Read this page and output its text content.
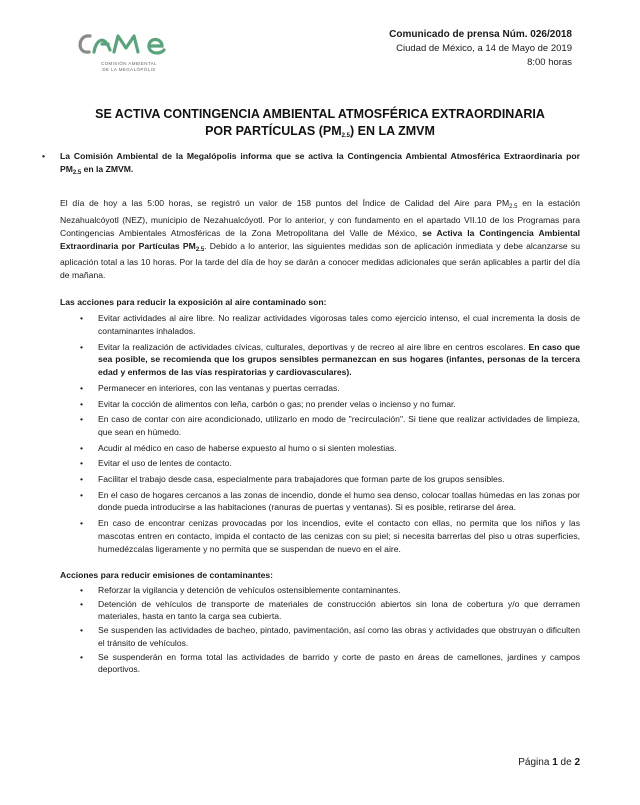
COMISIÓN AMBIENTAL
DE LA MEGALÓPOLIS
Comunicado de prensa Núm. 026/2018
Ciudad de México, a 14 de Mayo de 2019
8:00 horas
SE ACTIVA CONTINGENCIA AMBIENTAL ATMOSFÉRICA EXTRAORDINARIA
POR PARTÍCULAS $(PM_{2.5})$ EN LA ZMVM

• La Comisión Ambiental de la Megalópolis informa que se activa la Contingencia Ambiental Atmosférica Extraordinaria por $PM_{2.5}$ en la ZMVM.

El día de hoy a las 5:00 horas, se registró un valor de 158 puntos del Índice de Calidad del Aire para $PM_{2.5}$ en la estación Nezahualcóyotl (NEZ), municipio de Nezahualcóyotl. Por lo anterior, y con fundamento en el apartado VII.10 de los Programas para Contingencias Ambientales Atmosféricas de la Zona Metropolitana del Valle de México, se Activa la Contingencia Ambiental Extraordinaria por Partículas $PM_{2.5}$. Debido a lo anterior, las siguientes medidas son de aplicación inmediata y debe alcanzarse su aplicación total a las 10 horas. Por la tarde del día de hoy se darán a conocer medidas adicionales que serán aplicables a partir del día de mañana.

Las acciones para reducir la exposición al aire contaminado son:

• Evitar actividades al aire libre. No realizar actividades vigorosas tales como ejercicio intenso, el cual incrementa la dosis de contaminantes inhalados.
• Evitar la realización de actividades cívicas, culturales, deportivas y de recreo al aire libre en centros escolares. En caso que sea posible, se recomienda que los grupos sensibles permanezcan en sus hogares (infantes, personas de la tercera edad y enfermos de las vías respiratorias y cardiovasculares).
• Permanecer en interiores, con las ventanas y puertas cerradas.
• Evitar la cocción de alimentos con leña, carbón o gas; no prender velas o incienso y no fumar.
• En caso de contar con aire acondicionado, utilizarlo en modo de "recirculación". Si tiene que realizar actividades de limpieza, que sean en húmedo.
• Acudir al médico en caso de haberse expuesto al humo o si sienten molestias.
• Evitar el uso de lentes de contacto.
• Facilitar el trabajo desde casa, especialmente para trabajadores que forman parte de los grupos sensibles.
• En el caso de hogares cercanos a las zonas de incendio, donde el humo sea denso, colocar toallas húmedas en las zonas por donde pueda introducirse a las habitaciones (ranuras de puertas y ventanas). Si es posible, retirarse del área.
• En caso de encontrar cenizas provocadas por los incendios, evite el contacto con ellas, no permita que los niños y las mascotas entren en contacto, impida el contacto de las cenizas con su piel; si necesita barrerlas del piso u otras superficies, humedézcalas ligeramente y no permita que se suspendan de nuevo en el aire.

Acciones para reducir emisiones de contaminantes:

• Reforzar la vigilancia y detención de vehículos ostensiblemente contaminantes.
• Detención de vehículos de transporte de materiales de construcción abiertos sin lona de cobertura y/o que derramen materiales, hasta en tanto la carga sea cubierta.
• Se suspenden las actividades de bacheo, pintado, pavimentación, así como las obras y actividades que obstruyan o dificulten el tránsito de vehículos.
• Se suspenderán en forma total las actividades de barrido y corte de pasto en áreas de camellones, jardines y campos deportivos.
Página 1 de 2
